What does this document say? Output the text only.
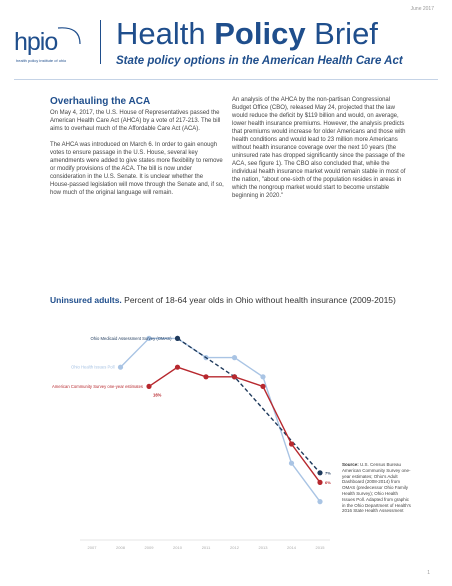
June 2017
hpio
health policy institute of ohio
Health Policy Brief
State policy options in the American Health Care Act
Overhauling the ACA

On May 4, 2017, the U.S. House of Representatives passed the American Health Care Act (AHCA) by a vote of 217-213. The bill aims to overhaul much of the Affordable Care Act (ACA).

The AHCA was introduced on March 6. In order to gain enough votes to ensure passage in the U.S. House, several key amendments were added to give states more flexibility to remove or modify provisions of the ACA. The bill is now under consideration in the U.S. Senate. It is unclear whether the House-passed legislation will move through the Senate and, if so, how much of the original language will remain.

An analysis of the AHCA by the non-partisan Congressional Budget Office (CBO), released May 24, projected that the law would reduce the deficit by $119 billion and would, on average, lower health insurance premiums. However, the analysis predicts that premiums would increase for older Americans and those with health conditions and would lead to 23 million more Americans without health insurance coverage over the next 10 years (the uninsured rate has dropped significantly since the passage of the ACA, see figure 1). The CBO also concluded that, while the individual health insurance market would remain stable in most of the nation, "about one-sixth of the population resides in areas in which the nongroup market would start to become unstable beginning in 2020."

Uninsured adults. Percent of 18-64 year olds in Ohio without health insurance (2009-2015)
2007	2008	2009	2010	2011	2012	2013	2014	2015
Ohio Health Issues Poll
Ohio Medicaid Assessment Survey (OMAS)
7%
American Community Survey one-year estimates
16%
6%
Source: U.S. Census Bureau American Community Survey one-year estimates; Ohio's Adult Dashboard (2008-2014) from OMAS (predecessor Ohio Family Health Survey); Ohio Health Issues Poll. Adapted from graphic in the Ohio Department of Health's 2016 State Health Assessment
1
